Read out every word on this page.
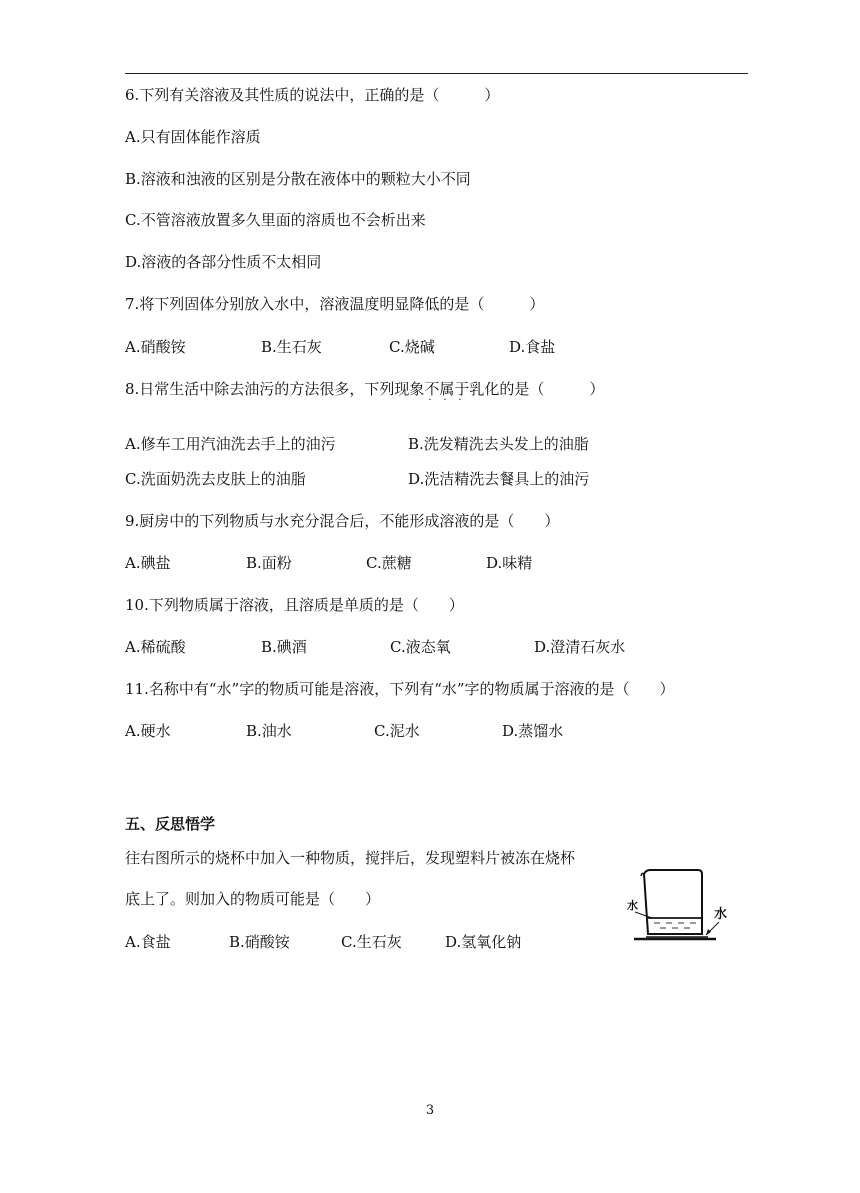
6.下列有关溶液及其性质的说法中，正确的是（　　　）
A.只有固体能作溶质
B.溶液和浊液的区别是分散在液体中的颗粒大小不同
C.不管溶液放置多久里面的溶质也不会析出来
D.溶液的各部分性质不太相同
7.将下列固体分别放入水中，溶液温度明显降低的是（　　　）
A.硝酸铵	B.生石灰	C.烧碱	D.食盐
8.日常生活中除去油污的方法很多，下列现象不属于
· · ·
乳化的是（　　　）
A.修车工用汽油洗去手上的油污	B.洗发精洗去头发上的油脂
C.洗面奶洗去皮肤上的油脂	D.洗洁精洗去餐具上的油污
9.厨房中的下列物质与水充分混合后，不能形成溶液的是（　　）
A.碘盐	B.面粉	C.蔗糖	D.味精
10.下列物质属于溶液，且溶质是单质的是（　　）
A.稀硫酸	B.碘酒	C.液态氧	D.澄清石灰水
11.名称中有“水”字的物质可能是溶液，下列有“水”字的物质属于溶液的是（　　）
A.硬水	B.油水	C.泥水	D.蒸馏水
五、反思悟学
往右图所示的烧杯中加入一种物质，搅拌后，发现塑料片被冻在烧杯
底上了。则加入的物质可能是（　　）
A.食盐	B.硝酸铵	C.生石灰	D.氢氧化钠
水
水
3
